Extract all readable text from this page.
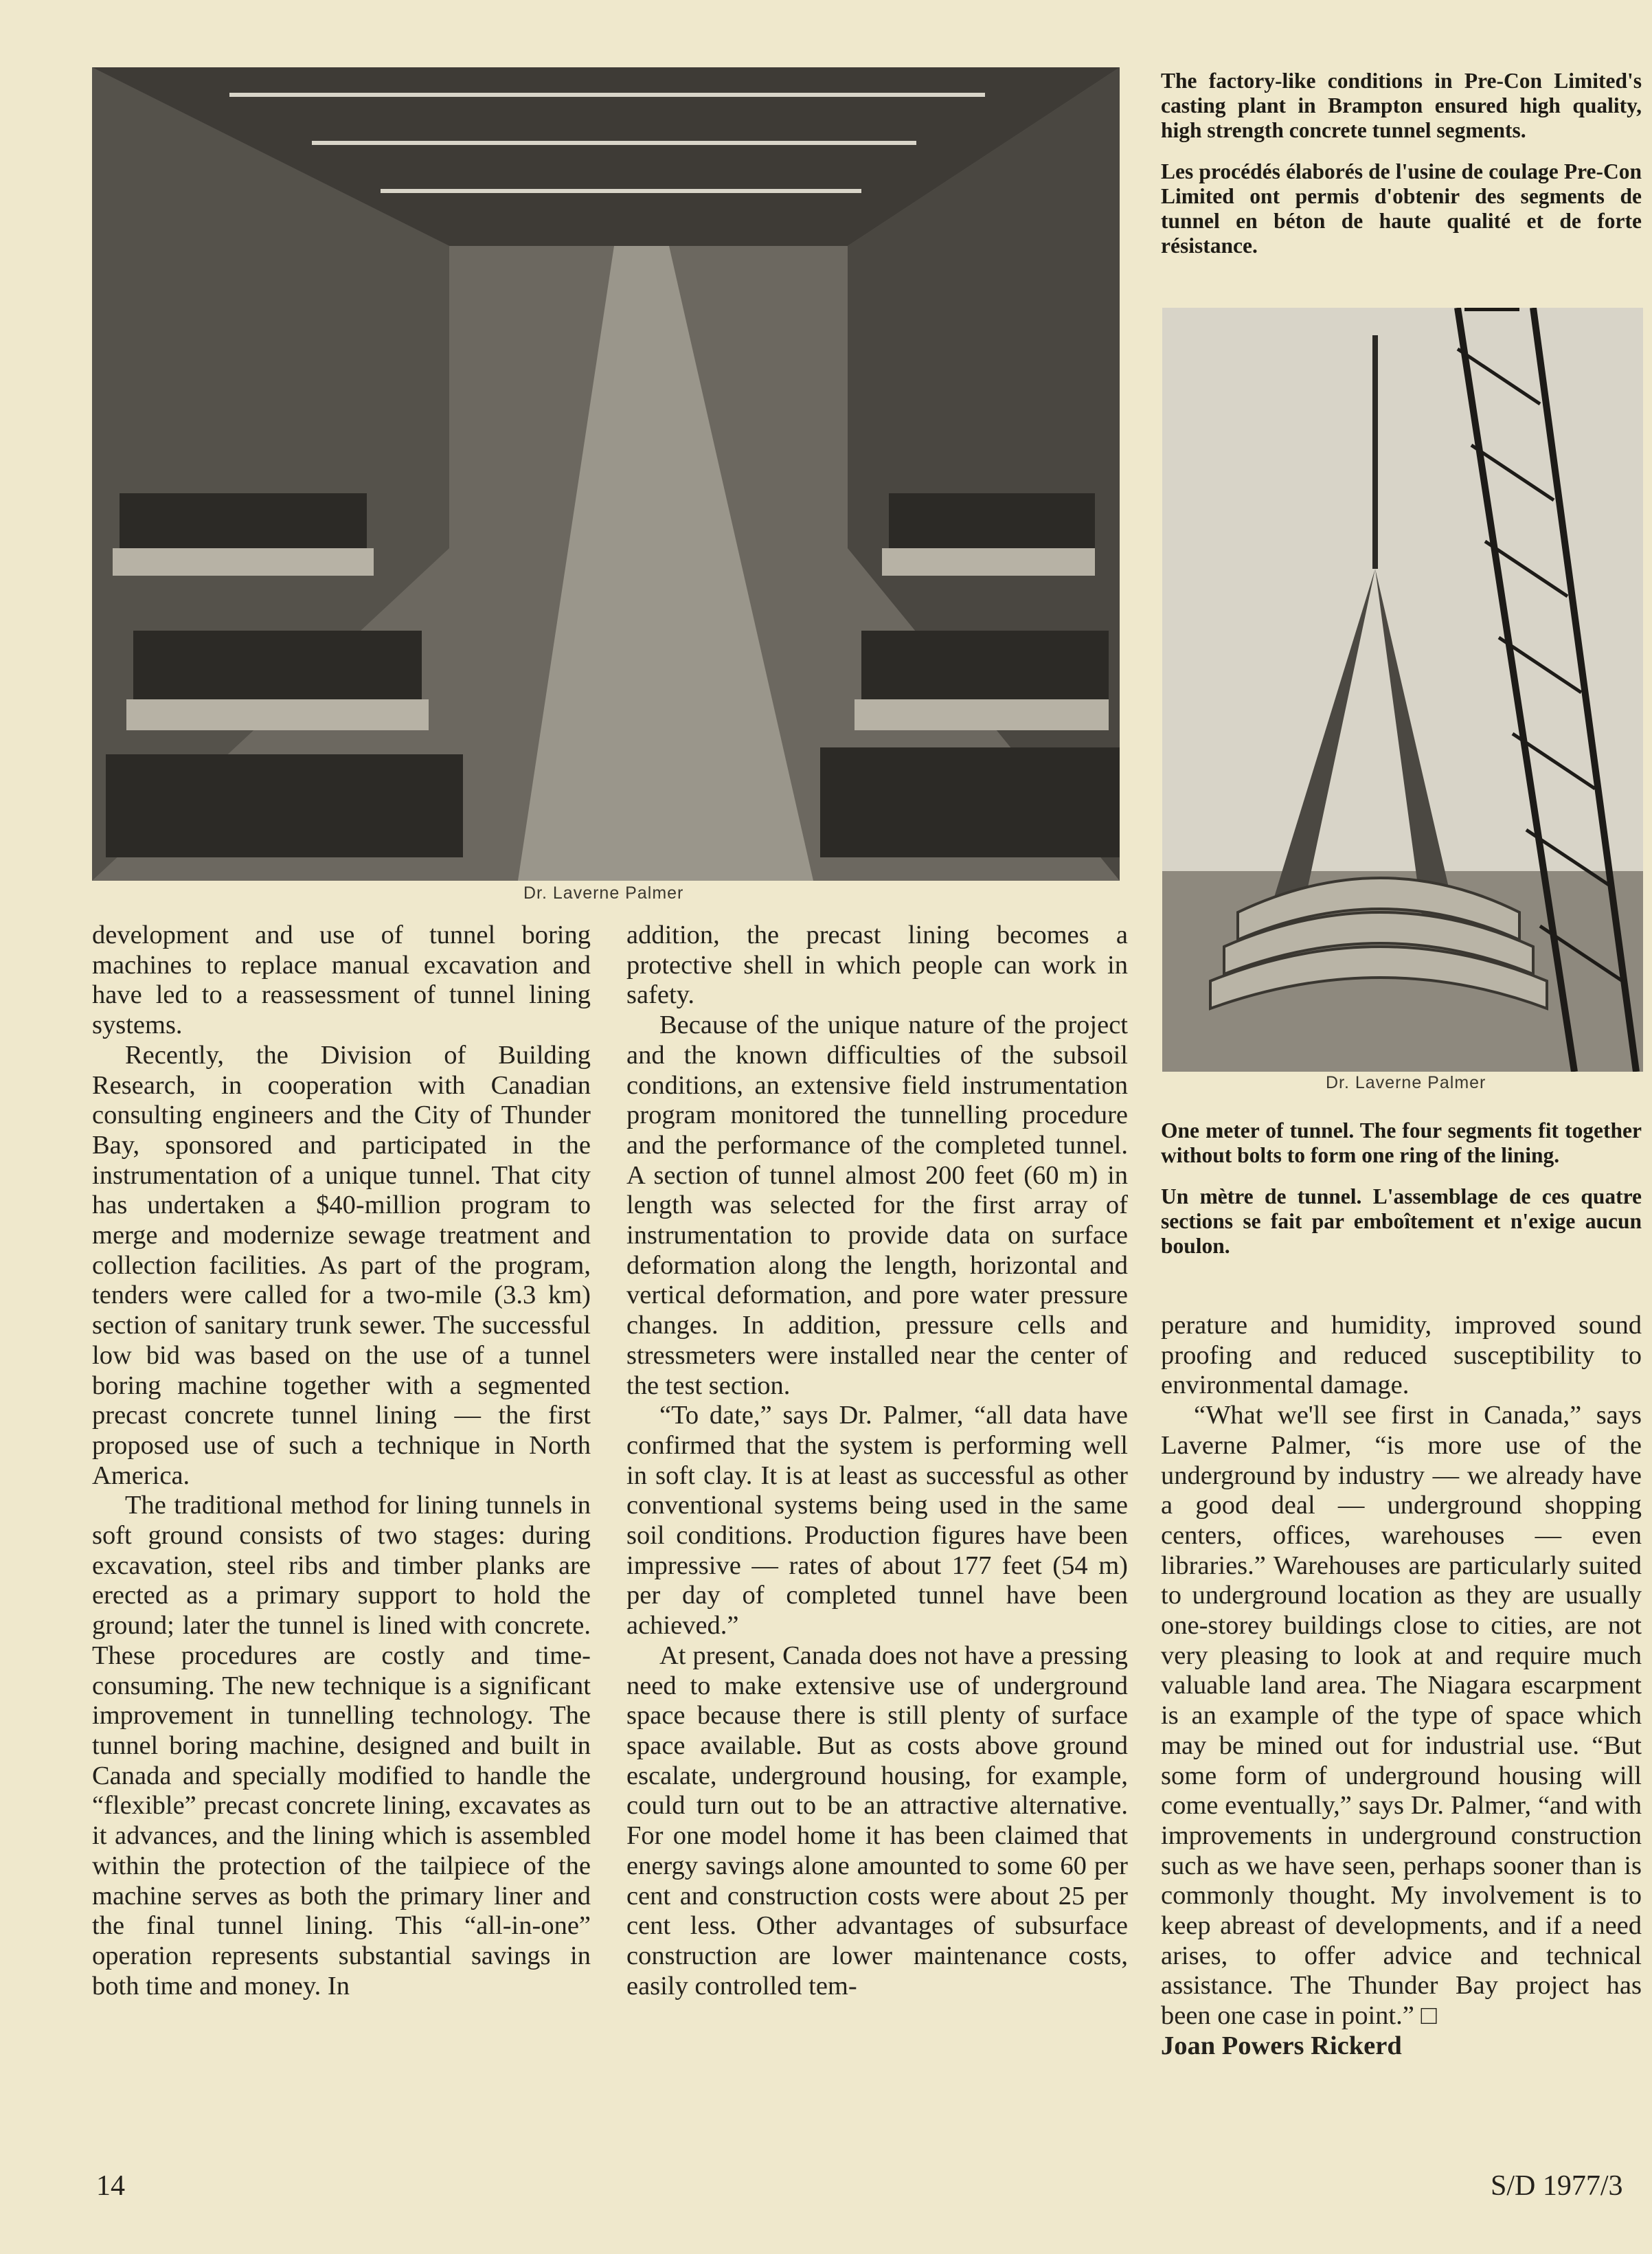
Dr. Laverne Palmer

The factory-like conditions in Pre-Con Limited's casting plant in Brampton ensured high quality, high strength concrete tunnel segments.

Les procédés élaborés de l'usine de coulage Pre-Con Limited ont permis d'obtenir des segments de tunnel en béton de haute qualité et de forte résistance.

Dr. Laverne Palmer

One meter of tunnel. The four segments fit together without bolts to form one ring of the lining.

Un mètre de tunnel. L'assemblage de ces quatre sections se fait par emboîtement et n'exige aucun boulon.

development and use of tunnel boring machines to replace manual excavation and have led to a reassessment of tunnel lining systems.

Recently, the Division of Building Research, in cooperation with Canadian consulting engineers and the City of Thunder Bay, sponsored and participated in the instrumentation of a unique tunnel. That city has undertaken a $40-million program to merge and modernize sewage treatment and collection facilities. As part of the program, tenders were called for a two-mile (3.3 km) section of sanitary trunk sewer. The successful low bid was based on the use of a tunnel boring machine together with a segmented precast concrete tunnel lining — the first proposed use of such a technique in North America.

The traditional method for lining tunnels in soft ground consists of two stages: during excavation, steel ribs and timber planks are erected as a primary support to hold the ground; later the tunnel is lined with concrete. These procedures are costly and time-consuming. The new technique is a significant improvement in tunnelling technology. The tunnel boring machine, designed and built in Canada and specially modified to handle the “flexible” precast concrete lining, excavates as it advances, and the lining which is assembled within the protection of the tailpiece of the machine serves as both the primary liner and the final tunnel lining. This “all-in-one” operation represents substantial savings in both time and money. In

addition, the precast lining becomes a protective shell in which people can work in safety.

Because of the unique nature of the project and the known difficulties of the subsoil conditions, an extensive field instrumentation program monitored the tunnelling procedure and the performance of the completed tunnel. A section of tunnel almost 200 feet (60 m) in length was selected for the first array of instrumentation to provide data on surface deformation along the length, horizontal and vertical deformation, and pore water pressure changes. In addition, pressure cells and stressmeters were installed near the center of the test section.

“To date,” says Dr. Palmer, “all data have confirmed that the system is performing well in soft clay. It is at least as successful as other conventional systems being used in the same soil conditions. Production figures have been impressive — rates of about 177 feet (54 m) per day of completed tunnel have been achieved.”

At present, Canada does not have a pressing need to make extensive use of underground space because there is still plenty of surface space available. But as costs above ground escalate, underground housing, for example, could turn out to be an attractive alternative. For one model home it has been claimed that energy savings alone amounted to some 60 per cent and construction costs were about 25 per cent less. Other advantages of subsurface construction are lower maintenance costs, easily controlled tem-

perature and humidity, improved sound proofing and reduced susceptibility to environmental damage.

“What we'll see first in Canada,” says Laverne Palmer, “is more use of the underground by industry — we already have a good deal — underground shopping centers, offices, warehouses — even libraries.” Warehouses are particularly suited to underground location as they are usually one-storey buildings close to cities, are not very pleasing to look at and require much valuable land area. The Niagara escarpment is an example of the type of space which may be mined out for industrial use. “But some form of underground housing will come eventually,” says Dr. Palmer, “and with improvements in underground construction such as we have seen, perhaps sooner than is commonly thought. My involvement is to keep abreast of developments, and if a need arises, to offer advice and technical assistance. The Thunder Bay project has been one case in point.” □

Joan Powers Rickerd

14	S/D 1977/3
